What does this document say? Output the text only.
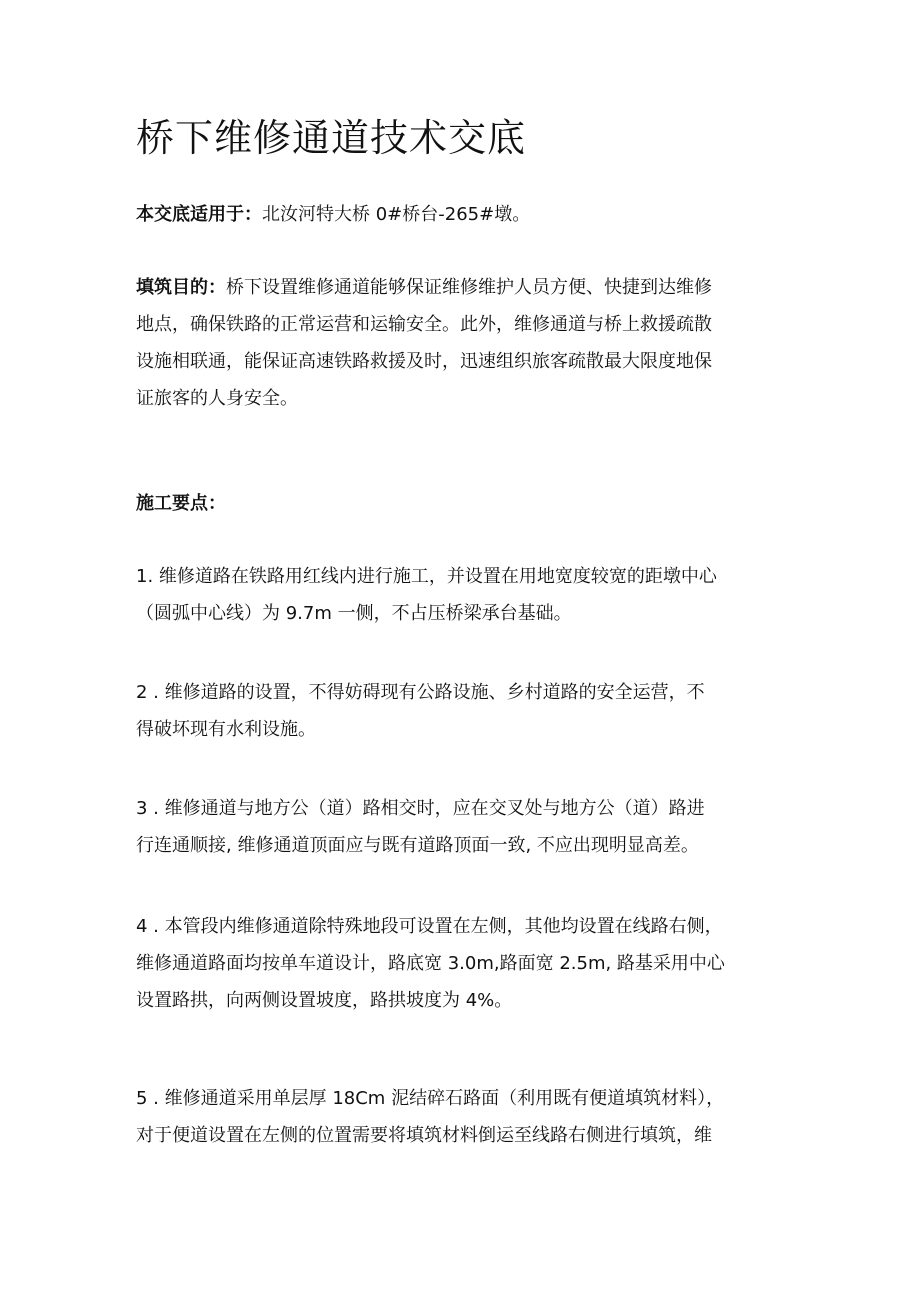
桥下维修通道技术交底

本交底适用于：北汝河特大桥 0#桥台-265#墩。

填筑目的：桥下设置维修通道能够保证维修维护人员方便、快捷到达维修
地点，确保铁路的正常运营和运输安全。此外，维修通道与桥上救援疏散
设施相联通，能保证高速铁路救援及时，迅速组织旅客疏散最大限度地保
证旅客的人身安全。

施工要点：

1. 维修道路在铁路用红线内进行施工，并设置在用地宽度较宽的距墩中心
（圆弧中心线）为 9.7m 一侧，不占压桥梁承台基础。

2 . 维修道路的设置，不得妨碍现有公路设施、乡村道路的安全运营，不
得破坏现有水利设施。

3 . 维修通道与地方公（道）路相交时，应在交叉处与地方公（道）路进
行连通顺接, 维修通道顶面应与既有道路顶面一致, 不应出现明显高差。

4 . 本管段内维修通道除特殊地段可设置在左侧，其他均设置在线路右侧，
维修通道路面均按单车道设计，路底宽 3.0m,路面宽 2.5m, 路基采用中心
设置路拱，向两侧设置坡度，路拱坡度为 4%。

5 . 维修通道采用单层厚 18Cm 泥结碎石路面（利用既有便道填筑材料），
对于便道设置在左侧的位置需要将填筑材料倒运至线路右侧进行填筑，维
